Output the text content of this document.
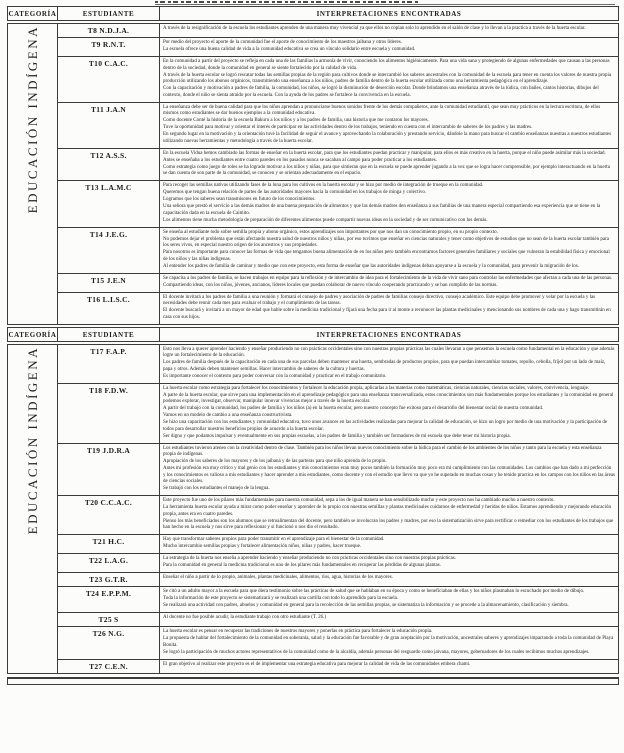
CATEGORÍA	ESTUDIANTE	INTERPRETACIONES ENCONTRADAS
EDUCACIÓN INDÍGENA	T8 N.D.J.A.	A través de la resignificación de la escuela los estudiantes aprenden de una manera muy vivencial ya que ellos no copian solo lo aprendido en el salón de clase y lo llevan a la practica a través de la huerta escolar.

	T9 R.N.T.	Por medio del proyecto el aporte de la comunidad fue el aporte de conocimiento de los maestros jaibana y otros lideres.
La escuela ofrece una buena calidad de vida a la comunidad educativa se crea un vinculo solidario entre escuela y comunidad.

	T10 C.A.C.	En la comunidad a partir del proyecto se refleja en cada una de las familias la armonía de vivir, conociendo los alimentos higiénicamente. Para una vida sana y protegiendo de algunas enfermedades que causan a las personas dentro de la sociedad, donde la comunidad en general se siente fortalecido por la calidad de vida.
A través de la huerta escolar se logró rescatar todas las semillas propias de la región para cultivos donde se intercambió los saberes ancestrales con la comunidad de la escuela para tener en cuenta los valores de nuestra propia producción utilizando los abonos orgánicos, transmitiendo una enseñanza a los niños, padres de familia dentro de la huerta escolar utilizada como una herramienta pedagógica en el aprendizaje.
Con la capacitación y motivación a padres de familia, la comunidad, los niños, se logró la disminución de deserción escolar. Donde brindamos una enseñanza através de la lúdica, con bailes, cantos historias, dibujos del contexto, donde el niño se sienta atraído por la escuela. Con la ayuda de los padres se fortalece la convivencia en la escuela.

	T11 J.A.N	La enseñanza debe ser de buena calidad para que los niños aprendan a pronunciarse buenos sonidos frente de los demás compañeros, ante la comunidad estudiantil, que sean muy prácticos en la lectura escritura, de ellos mismos como estudiantes se dar buenos ejemplos a la comunidad educativa.
Como docente Conté la historia de la escuela Bakuru a los niños y a los padres de familia, una historia que me contaron los mayores.
Tuve la oportunidad para motivar y orientar el interés de participar en las actividades dentro de los trabajos, teniendo en cuenta con el intercambio de saberes de los padres y las madres.
En segundo lugar en la motivación y la orientación tuve la facilidad de seguir el avance y aprovechando la colaboración y prestando servicio, dándole la mano para buscar el cambio enseñanzas nuestras a nuestros estudiantes utilizando nuevas herramientas y metodología a través de la huerta escolar.

	T12 A.S.S.	En la escuela Vidua hemos cambiado las formas de enseñar en la huerta escolar, para que los estudiantes puedan practicar y manipular, para ellos es más creativo en la huerta, porque el niño puede asimilar más la sociedad.
Antes se enseñaba a los estudiantes entre cuatro paredes en los pasados nunca se sacaban al campo para poder practicar a los estudiantes.
Como estrategia como juego de roles se ha logrado motivar a los niños y niñas, para que sintieran que en la escuela se puede aprender jugando a la vez que se logra hacer comprensible, por ejemplo interactuando en la huerta se dan cuenta de son parte de la comunidad, se conocen y se orientan adecuadamente en el espacio.

	T13 L.A.M.C	Para recoger las semillas nativas utilizando fases de la luna para los cultivos en la huerta escolar y se hizo por medio de integración de trueque en la comunidad.
Queremos que tengan buena relación de partes de las autoridades mayores hacia la comunidad en los trabajos de minga y colectivo.
Logramos que los saberes sean transmisores en futuro de los conocimientos.
Una señora que prestó el servicio a las demás madres de una buena preparación de alimentos y que las demás madres den enseñanza a sus familias de una manera especial compartiendo esa experiencia que se tiene en la capacitación dada en la escuela de Caimito.
Los alimentos tiene mucha metodología de preparación de diferentes alimentos puede compartir nuevas ideas en la sociedad y de ser comunicativo con los demás.

	T14 J.E.G.	Se enseña al estudiante todo sobre semilla propia y abono orgánico, estos aprendizajes son importantes por que nos dan un conocimiento propio, en su propio contexto.
No podemos dejar el problema que están afectando nuestra salud de nuestros niños y niñas, por eso tuvimos que enseñar en ciencias naturales y tener como objetivos de estudios que no sean de la huerta escolar también para los seres vivos, en especial nuestro origen de los ancestros y sus propiedades.
Para nosotros es importante para conocer las formas de vida que tengamos buena alimentación de en los niños pero también encontramos factores generales familiares y sociales que vulneran la estabilidad física y emocional de los niños y las niñas indígenas.
Al entender los padres de familia de caminar y medio que con este proyecto, esta forma de enseñar que las autoridades indígenas deban apoyarse a la escuela y la comunidad, para prevenir la migración de los.

	T15 J.E.N	Se capacita a los padres de familia, se hacen trabajos en equipo para la reflexión y de intercambio de idea para el fortalecimiento de la vida de vivir sano para controlar las enfermedades que afectan a cada una de las personas.
Compartiendo ideas, con los niños, jóvenes, ancianos, líderes locales que puedan colaborar de nuevo vínculo cooperando practicando y se han cumplido de las normas.

	T16 L.I.S.C.	El docente invitará a los padres de familia a una reunión y formará el consejo de padres y asociación de padres de familias consejo directivo, consejo académico. Este equipo debe promover y velar por la escuela y las necesidades debe reunir cada mes para evaluar el trabajo y el cumplimiento de las tareas.
El docente buscará y invitará a un mayor de edad que hable sobre la medicina tradicional y fijará una fecha para ir al monte a reconocer las plantas medicinales y mencionando sus nombres de cada una y hago transmitirán en casa con sus hijos.
CATEGORÍA	ESTUDIANTE	INTERPRETACIONES ENCONTRADAS
EDUCACIÓN INDÍGENA	T17 F.A.P.	Esto nos lleva a querer aprender haciendo y enseñar produciendo no con prácticas occidentales sino con nuestras propias prácticas las cuales llevaran a que pensemos la escuela como fundamental en la educación y que además logre un fortalecimiento de la educación.
Los padres de familia después de la capacitación en cada una de sus parcelas deben mantener una huerta, sembradas de productos propios, para que puedan intercambiar tomates, repollo, cebolla, fríjol por un lado de maíz, papa y otros. Además deben mantener semillas. Hacer intercambio de saberes de la cultura y huertas.
Es importante conocer el contexto para poder conversar con la comunidad y practicar en el trabajo comunitario.

T18 F.D.W.	La huerta escolar como estrategia para fortalecer los conocimientos y fortalecer la educación propia, aplicarlas a las materias como matemáticas, ciencias naturales, ciencias sociales, valores, convivencia, lenguaje.
A parte de la huerta escolar, que sirve para una implementación en el aprendizaje pedagógico para una enseñanza transversalizada, estos conocimientos son más fundamentales porque los estudiantes y la comunidad en general podemos explorar, investigar, observar, manipular innovar vivencias mejor a través de la huerta escolar.
A partir del trabajo con la comunidad, los padres de familia y los niños (a) en la huerta escolar, pero nuestro concepto fue exitoso para el desarrollo del bienestar social de nuestra comunidad.
Vamos en un modelo de cambio a una enseñanza constructivista.
Se hizo una capacitación con los estudiantes y comunidad educativa, tuvo unos avances en las actividades realizadas para mejorar la calidad de educación, se hizo un logro por medio de una motivación y la participación de todos para desarrollar nuestros beneficios propios de acuerdo a la huerta escolar.
Ser digno y que podamos impulsar y eventualmente en sus propias escuelas, a los padres de familia y también ser formadores de mi escuela que debe tener mi historia propia.

	T19 J.D.R.A	Los estudiantes tuvieron ateneo con la creatividad dentro de clase. También para los niños llevan nuevos conocimiento sobre la lúdica para el cambio de los ambientes de los niños y tanto para la escuela y esta enseñanza propia de indígenas.
Apropiación de los saberes de los mayores y de los jaibaná y de las parteras para que niño aprenda de lo propio.
Antes mi profesión era muy crítico y mal genio con los estudiantes y mis conocimientos eran muy pocos también la formación muy poco era mi cumplimiento con las comunidades. Los cambios que han dado a mi perfección y los conocimientos es valioso a mis estudiantes y hacer aprender a mis estudiantes, como docente y con el estudio que llevo va que yo he superado en muchas cosas y he tenido practica en los campos con los niños en las áreas de ciencias sociales.
Se trabajó con los estudiantes el manejo de la lengua.

	T20 C.C.A.C.	Este proyecto fue uno de los pilares más fundamentales para nuestra comunidad, sepa a los de igual manera se han sensibilizado mucho y este proyecto nos ha cambiado mucho a nuestro contexto.
La herramienta huerta escolar ayuda a mirar como poder enseñar y aprender de lo propio con nuestras semillas y plantas medicinales cuidarnos de enfermedad y heridas de niños. Estamos aprendiendo y mejorando educación propia, antes era en cuatro paredes.
Pienso los más beneficiados son los alumnos que se retroalimentan del docente, pero también se involucran los padres y madres, por eso la sistematización sirve para rectificar o remediar con los estudiantes de los trabajos que han hecho en la escuela y nos sirve para reflexionar y si funcionó o nos dio el resultado.

	T21 H.C.	Hay que transformar saberes propios para poder transmitir en el aprendizaje para el bienestar de la comunidad.
Mucho intercambio semillas propias y fortalecer alimentación niños, niñas y padres, hacer trueque.

	T22 L.A.G.	La estrategia de la huerta nos enseña a aprender haciendo y enseñar produciendo no con prácticas occidentales sino con nuestras propias prácticas.
Para la comunidad en general la medicina tradicional es uno de los pilares más fundamentales en recuperar las pérdidas de algunas plantas.

	T23 G.T.R.	Enseñar el niño a partir de lo propio, animales, plantas medicinales, alimentos, ríos, agua, historias de los mayores.

	T24 E.P.P.M.	Se citó a un adulto mayor a la escuela para que diera testimonio sobre las prácticas de salud que se hablaban en su época y como se beneficiaban de ellas y los niños plasmaban lo escuchado por medio de dibujo.
Toda la información de este proyecto se sistematizará y se realizará una cartilla con todo lo aprendido para la escuela.
Se realizará una actividad con padres, abuelos y comunidad en general para la recolección de las semillas propias, se sistematiza la información y se procede a la almacenamiento, clasificación y siembra.

	T25 S	Al docente no fue posible acudir, la estudiante trabajo con otro estudiante (T. 26.)

	T26 N.G.	La huerta escolar es pensar en recuperar las tradiciones de nuestros mayores y ponerlas en práctica para fortalecer la educación propia.
La propuesta de hablar del fortalecimiento de la comunidad en soberanía, salud y la educación fue favorable y de gran aceptación por la motivación, ancestrales saberes y aprendizajes impactando a toda la comunidad de Playa Bonita.
Se logró la participación de muchos actores representativos de la comunidad como de la alcaldía, además personas del resguardo como jaivana, mayores, gobernadores de los cuales recibimos muchos aprendizajes.

	T27 C.E.N.	El gran objetivo al realizar este proyecto es el de implementar una estrategia educativa para mejorar la calidad de vida de las comunidades embera chami.
